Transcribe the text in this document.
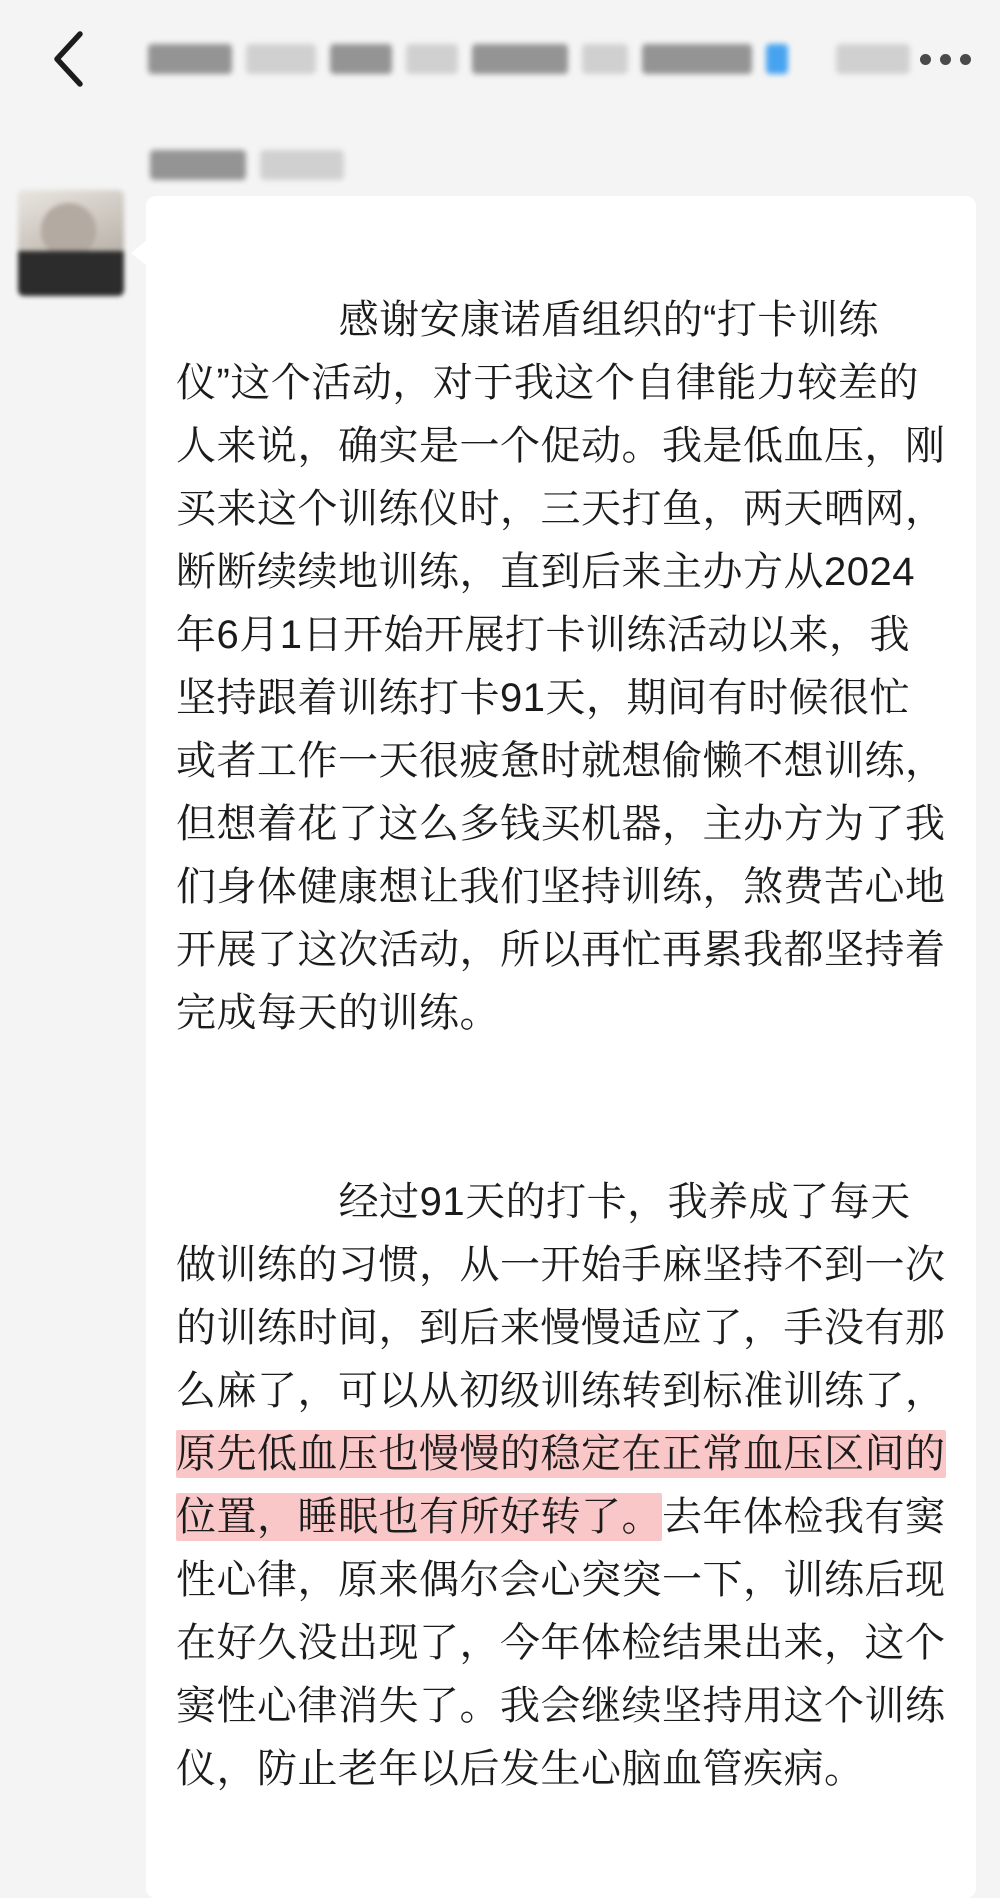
感谢安康诺盾组织的“打卡训练仪”这个活动，对于我这个自律能力较差的人来说，确实是一个促动。我是低血压，刚买来这个训练仪时，三天打鱼，两天晒网，断断续续地训练，直到后来主办方从2024年6月1日开始开展打卡训练活动以来，我坚持跟着训练打卡91天，期间有时候很忙或者工作一天很疲惫时就想偷懒不想训练，但想着花了这么多钱买机器，主办方为了我们身体健康想让我们坚持训练，煞费苦心地开展了这次活动，所以再忙再累我都坚持着完成每天的训练。

经过91天的打卡，我养成了每天做训练的习惯，从一开始手麻坚持不到一次的训练时间，到后来慢慢适应了，手没有那么麻了，可以从初级训练转到标准训练了，原先低血压也慢慢的稳定在正常血压区间的位置，睡眠也有所好转了。去年体检我有窦性心律，原来偶尔会心突突一下，训练后现在好久没出现了，今年体检结果出来，这个窦性心律消失了。我会继续坚持用这个训练仪，防止老年以后发生心脑血管疾病。
